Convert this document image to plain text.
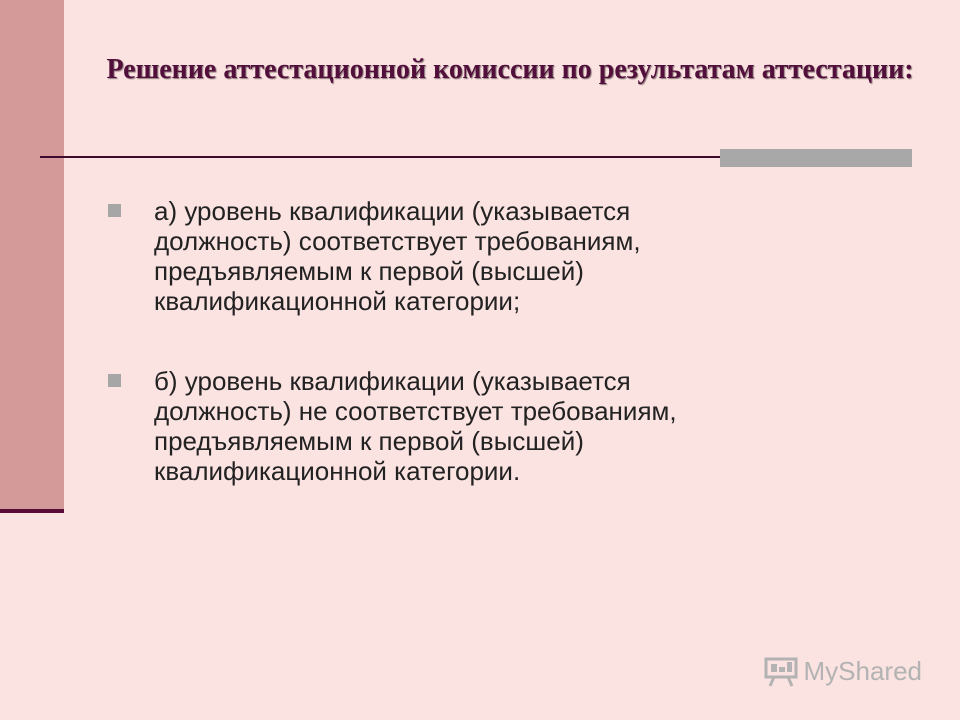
Решение аттестационной комиссии по результатам аттестации:
а) уровень квалификации (указывается
должность) соответствует требованиям,
предъявляемым к первой (высшей)
квалификационной категории;
б) уровень квалификации (указывается
должность) не соответствует требованиям,
предъявляемым к первой (высшей)
квалификационной категории.
MyShared
